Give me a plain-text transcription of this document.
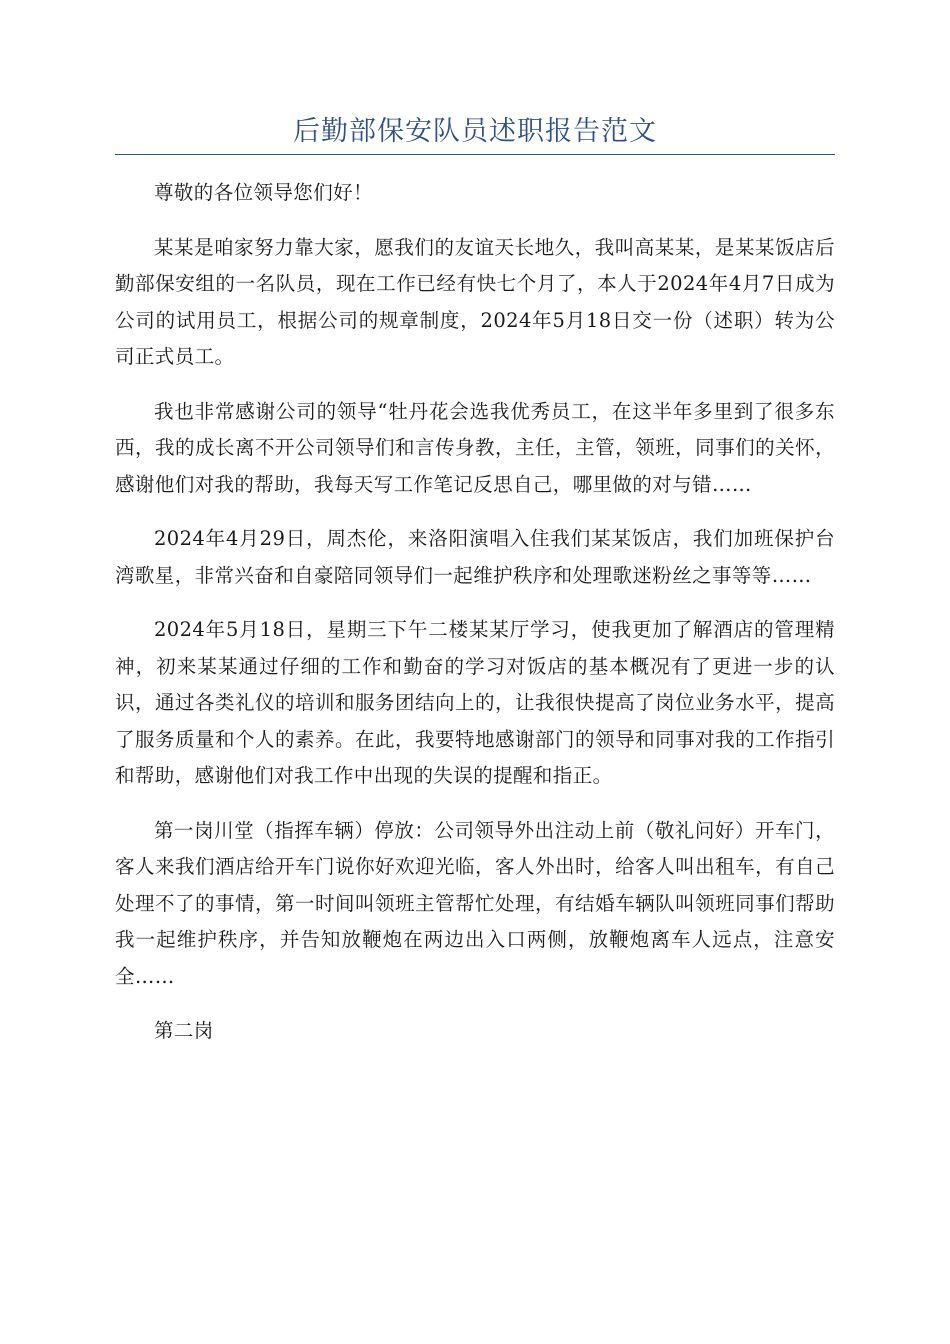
后勤部保安队员述职报告范文

尊敬的各位领导您们好！

某某是咱家努力靠大家，愿我们的友谊天长地久，我叫高某某，是某某饭店后勤部保安组的一名队员，现在工作已经有快七个月了，本人于2024年4月7日成为公司的试用员工，根据公司的规章制度，2024年5月18日交一份（述职）转为公司正式员工。

我也非常感谢公司的领导“牡丹花会选我优秀员工，在这半年多里到了很多东西，我的成长离不开公司领导们和言传身教，主任，主管，领班，同事们的关怀，感谢他们对我的帮助，我每天写工作笔记反思自己，哪里做的对与错……

2024年4月29日，周杰伦，来洛阳演唱入住我们某某饭店，我们加班保护台湾歌星，非常兴奋和自豪陪同领导们一起维护秩序和处理歌迷粉丝之事等等……

2024年5月18日，星期三下午二楼某某厅学习，使我更加了解酒店的管理精神，初来某某通过仔细的工作和勤奋的学习对饭店的基本概况有了更进一步的认识，通过各类礼仪的培训和服务团结向上的，让我很快提高了岗位业务水平，提高了服务质量和个人的素养。在此，我要特地感谢部门的领导和同事对我的工作指引和帮助，感谢他们对我工作中出现的失误的提醒和指正。

第一岗川堂（指挥车辆）停放：公司领导外出注动上前（敬礼问好）开车门，客人来我们酒店给开车门说你好欢迎光临，客人外出时，给客人叫出租车，有自己处理不了的事情，第一时间叫领班主管帮忙处理，有结婚车辆队叫领班同事们帮助我一起维护秩序，并告知放鞭炮在两边出入口两侧，放鞭炮离车人远点，注意安全……

第二岗
